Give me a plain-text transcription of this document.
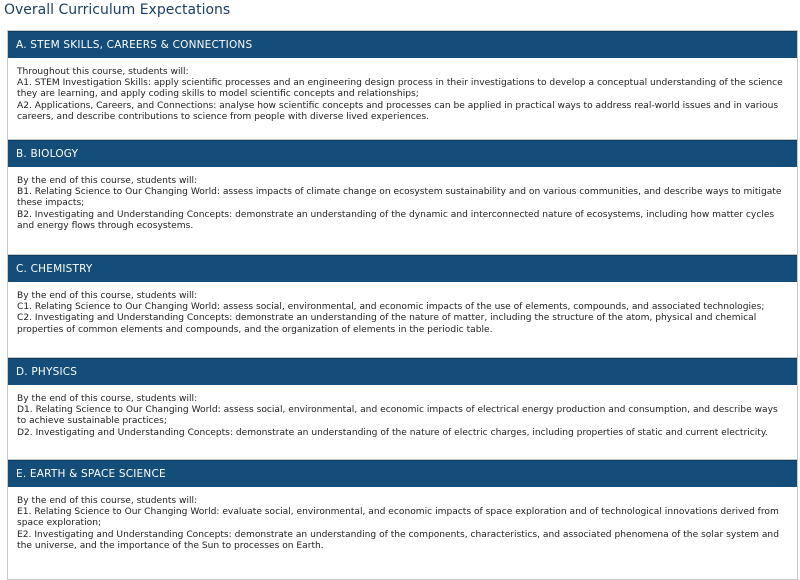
Overall Curriculum Expectations
A. STEM SKILLS, CAREERS & CONNECTIONS
Throughout this course, students will:
A1. STEM Investigation Skills: apply scientific processes and an engineering design process in their investigations to develop a conceptual understanding of the science they are learning, and apply coding skills to model scientific concepts and relationships;
A2. Applications, Careers, and Connections: analyse how scientific concepts and processes can be applied in practical ways to address real-world issues and in various careers, and describe contributions to science from people with diverse lived experiences.
B. BIOLOGY
By the end of this course, students will:
B1. Relating Science to Our Changing World: assess impacts of climate change on ecosystem sustainability and on various communities, and describe ways to mitigate these impacts;
B2. Investigating and Understanding Concepts: demonstrate an understanding of the dynamic and interconnected nature of ecosystems, including how matter cycles and energy flows through ecosystems.
C. CHEMISTRY
By the end of this course, students will:
C1. Relating Science to Our Changing World: assess social, environmental, and economic impacts of the use of elements, compounds, and associated technologies;
C2. Investigating and Understanding Concepts: demonstrate an understanding of the nature of matter, including the structure of the atom, physical and chemical properties of common elements and compounds, and the organization of elements in the periodic table.
D. PHYSICS
By the end of this course, students will:
D1. Relating Science to Our Changing World: assess social, environmental, and economic impacts of electrical energy production and consumption, and describe ways to achieve sustainable practices;
D2. Investigating and Understanding Concepts: demonstrate an understanding of the nature of electric charges, including properties of static and current electricity.
E. EARTH & SPACE SCIENCE
By the end of this course, students will:
E1. Relating Science to Our Changing World: evaluate social, environmental, and economic impacts of space exploration and of technological innovations derived from space exploration;
E2. Investigating and Understanding Concepts: demonstrate an understanding of the components, characteristics, and associated phenomena of the solar system and the universe, and the importance of the Sun to processes on Earth.
